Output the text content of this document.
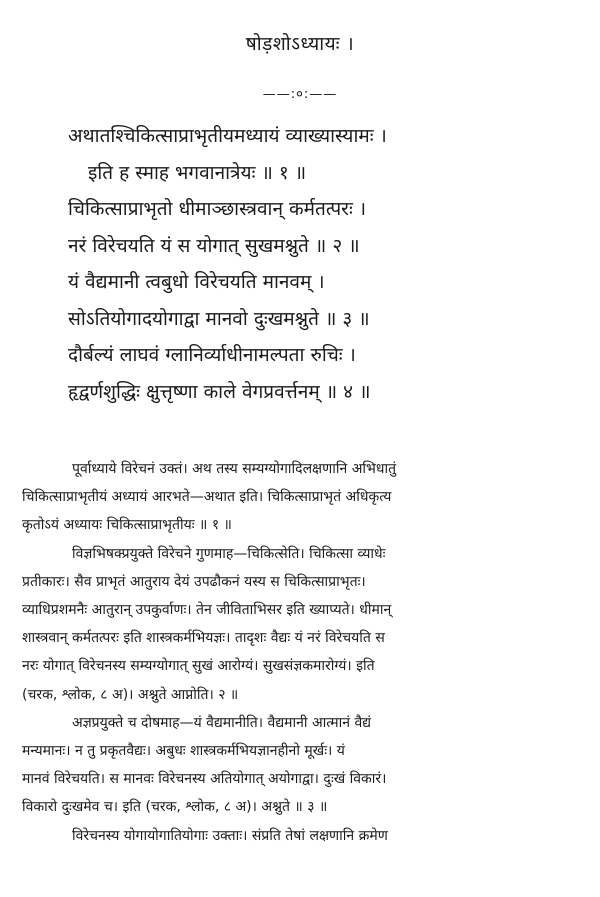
षोड़शोऽध्यायः ।
——:०:——
अथातश्चिकित्साप्राभृतीयमध्यायं व्याख्यास्यामः ।
इति ह स्माह भगवानात्रेयः ॥ १ ॥
चिकित्साप्राभृतो धीमाञ्छास्त्रवान् कर्मतत्परः ।
नरं विरेचयति यं स योगात् सुखमश्नुते ॥ २ ॥
यं वैद्यमानी त्वबुधो विरेचयति मानवम् ।
सोऽतियोगादयोगाद्वा मानवो दुःखमश्नुते ॥ ३ ॥
दौर्बल्यं लाघवं ग्लानिर्व्याधीनामल्पता रुचिः ।
हृद्वर्णशुद्धिः क्षुत्तृष्णा काले वेगप्रवर्त्तनम् ॥ ४ ॥
पूर्वाध्याये विरेचनं उक्तं। अथ तस्य सम्यग्योगादिलक्षणानि अभिधातुं
चिकित्साप्राभृतीयं अध्यायं आरभते—अथात इति। चिकित्साप्राभृतं अधिकृत्य
कृतोऽयं अध्यायः चिकित्साप्राभृतीयः ॥ १ ॥
विज्ञभिषक्प्रयुक्ते विरेचने गुणमाह—चिकित्सेति। चिकित्सा व्याधेः
प्रतीकारः। सैव प्राभृतं आतुराय देयं उपढौकनं यस्य स चिकित्साप्राभृतः।
व्याधिप्रशमनैः आतुरान् उपकुर्वाणः। तेन जीविताभिसर इति ख्याप्यते। धीमान्
शास्त्रवान् कर्मतत्परः इति शास्त्रकर्मभियज्ञः। तादृशः वैद्यः यं नरं विरेचयति स
नरः योगात् विरेचनस्य सम्यग्योगात् सुखं आरोग्यं। सुखसंज्ञकमारोग्यं। इति
(चरक, श्लोक, ८ अ)। अश्नुते आप्नोति। २ ॥
अज्ञप्रयुक्ते च दोषमाह—यं वैद्यमानीति। वैद्यमानी आत्मानं वैद्यं
मन्यमानः। न तु प्रकृतवैद्यः। अबुधः शास्त्रकर्मभियज्ञानहीनो मूर्खः। यं
मानवं विरेचयति। स मानवः विरेचनस्य अतियोगात् अयोगाद्वा। दुःखं विकारं।
विकारो दुःखमेव च। इति (चरक, श्लोक, ८ अ)। अश्नुते ॥ ३ ॥
विरेचनस्य योगायोगातियोगाः उक्ताः। संप्रति तेषां लक्षणानि क्रमेण
